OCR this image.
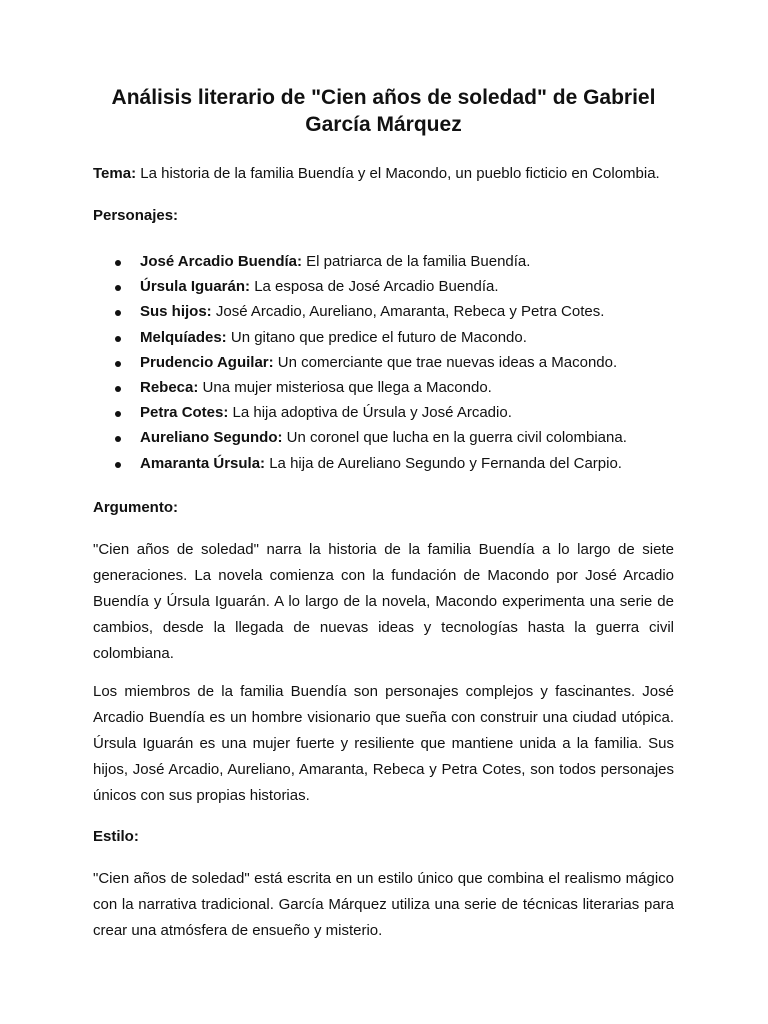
Análisis literario de "Cien años de soledad" de Gabriel García Márquez

Tema: La historia de la familia Buendía y el Macondo, un pueblo ficticio en Colombia.

Personajes:

José Arcadio Buendía: El patriarca de la familia Buendía.
Úrsula Iguarán: La esposa de José Arcadio Buendía.
Sus hijos: José Arcadio, Aureliano, Amaranta, Rebeca y Petra Cotes.
Melquíades: Un gitano que predice el futuro de Macondo.
Prudencio Aguilar: Un comerciante que trae nuevas ideas a Macondo.
Rebeca: Una mujer misteriosa que llega a Macondo.
Petra Cotes: La hija adoptiva de Úrsula y José Arcadio.
Aureliano Segundo: Un coronel que lucha en la guerra civil colombiana.
Amaranta Úrsula: La hija de Aureliano Segundo y Fernanda del Carpio.

Argumento:

"Cien años de soledad" narra la historia de la familia Buendía a lo largo de siete generaciones. La novela comienza con la fundación de Macondo por José Arcadio Buendía y Úrsula Iguarán. A lo largo de la novela, Macondo experimenta una serie de cambios, desde la llegada de nuevas ideas y tecnologías hasta la guerra civil colombiana.

Los miembros de la familia Buendía son personajes complejos y fascinantes. José Arcadio Buendía es un hombre visionario que sueña con construir una ciudad utópica. Úrsula Iguarán es una mujer fuerte y resiliente que mantiene unida a la familia. Sus hijos, José Arcadio, Aureliano, Amaranta, Rebeca y Petra Cotes, son todos personajes únicos con sus propias historias.

Estilo:

"Cien años de soledad" está escrita en un estilo único que combina el realismo mágico con la narrativa tradicional. García Márquez utiliza una serie de técnicas literarias para crear una atmósfera de ensueño y misterio.
